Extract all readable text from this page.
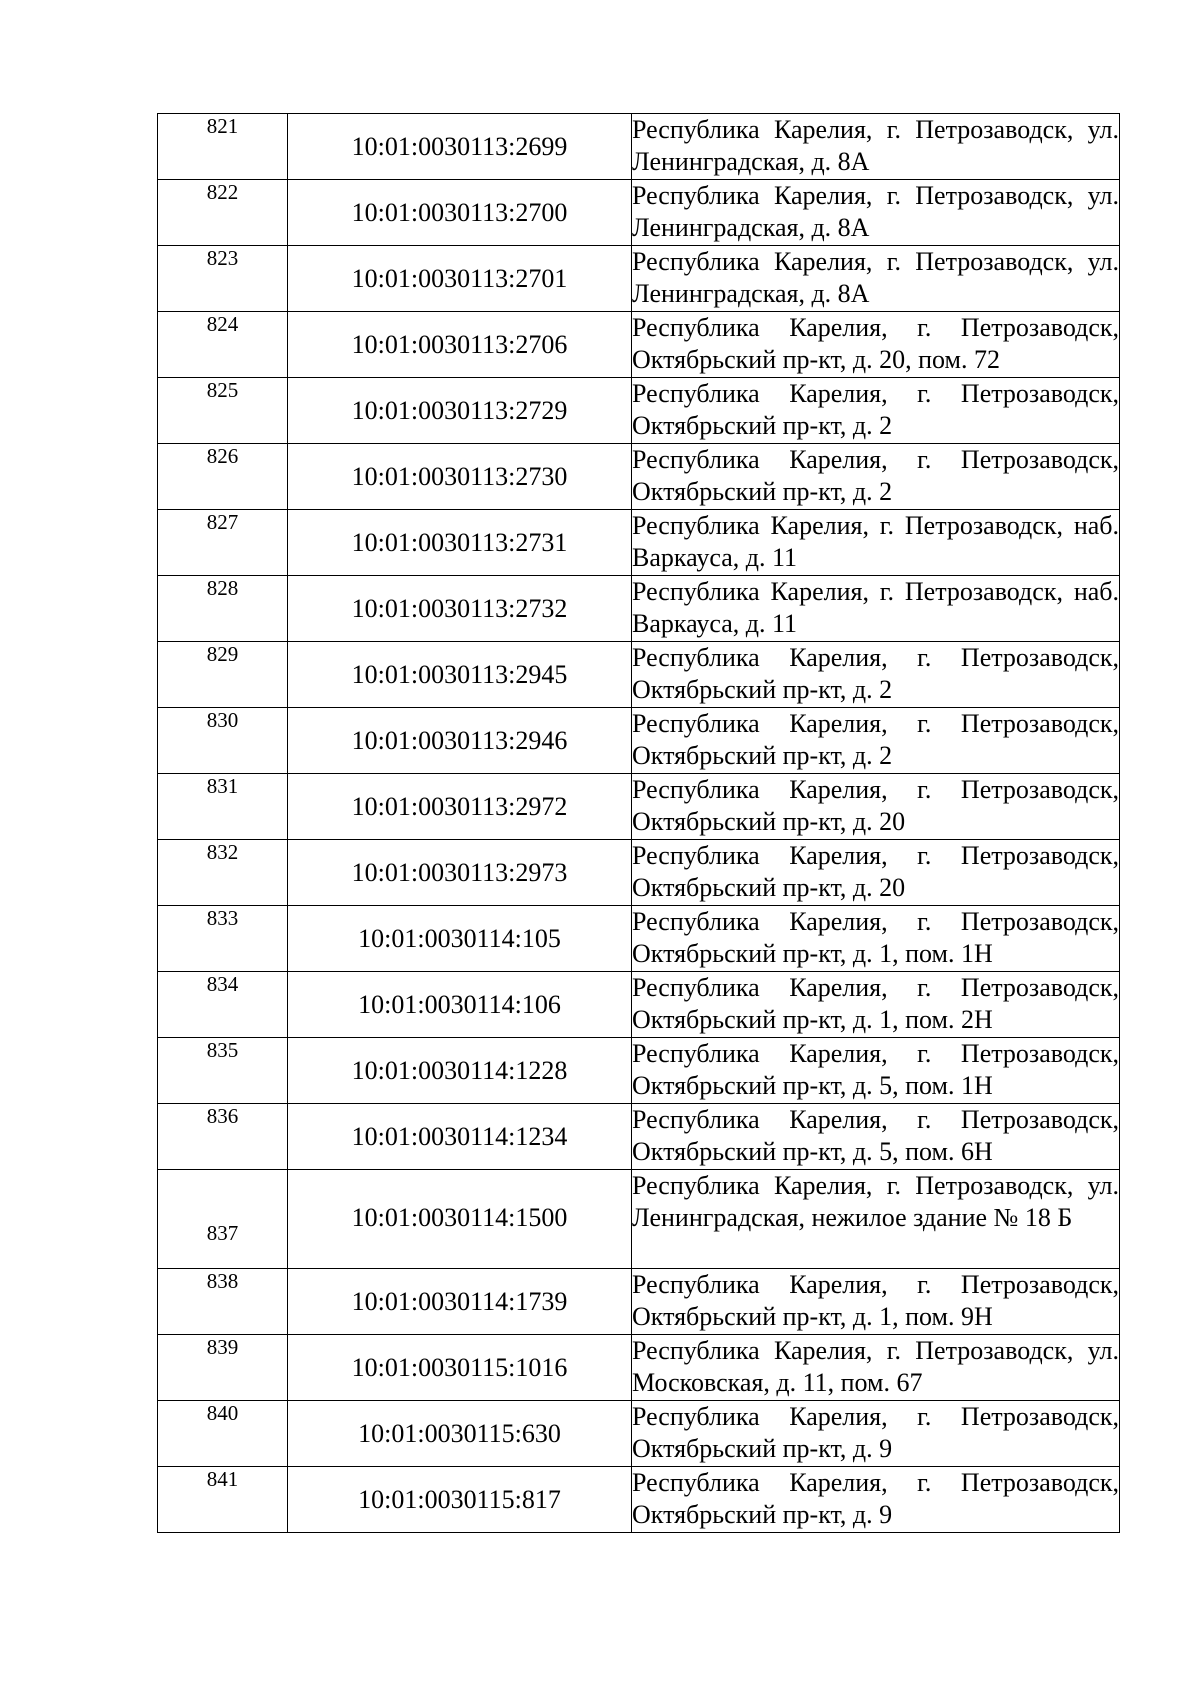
821	10:01:0030113:2699	Республика Карелия, г. Петрозаводск, ул. Ленинградская, д. 8А
822	10:01:0030113:2700	Республика Карелия, г. Петрозаводск, ул. Ленинградская, д. 8А
823	10:01:0030113:2701	Республика Карелия, г. Петрозаводск, ул. Ленинградская, д. 8А
824	10:01:0030113:2706	Республика Карелия, г. Петрозаводск, Октябрьский пр-кт, д. 20, пом. 72
825	10:01:0030113:2729	Республика Карелия, г. Петрозаводск, Октябрьский пр-кт, д. 2
826	10:01:0030113:2730	Республика Карелия, г. Петрозаводск, Октябрьский пр-кт, д. 2
827	10:01:0030113:2731	Республика Карелия, г. Петрозаводск, наб. Варкауса, д. 11
828	10:01:0030113:2732	Республика Карелия, г. Петрозаводск, наб. Варкауса, д. 11
829	10:01:0030113:2945	Республика Карелия, г. Петрозаводск, Октябрьский пр-кт, д. 2
830	10:01:0030113:2946	Республика Карелия, г. Петрозаводск, Октябрьский пр-кт, д. 2
831	10:01:0030113:2972	Республика Карелия, г. Петрозаводск, Октябрьский пр-кт, д. 20
832	10:01:0030113:2973	Республика Карелия, г. Петрозаводск, Октябрьский пр-кт, д. 20
833	10:01:0030114:105	Республика Карелия, г. Петрозаводск, Октябрьский пр-кт, д. 1, пом. 1Н
834	10:01:0030114:106	Республика Карелия, г. Петрозаводск, Октябрьский пр-кт, д. 1, пом. 2Н
835	10:01:0030114:1228	Республика Карелия, г. Петрозаводск, Октябрьский пр-кт, д. 5, пом. 1Н
836	10:01:0030114:1234	Республика Карелия, г. Петрозаводск, Октябрьский пр-кт, д. 5, пом. 6Н
837	10:01:0030114:1500	Республика Карелия, г. Петрозаводск, ул. Ленинградская, нежилое здание № 18 Б
838	10:01:0030114:1739	Республика Карелия, г. Петрозаводск, Октябрьский пр-кт, д. 1, пом. 9Н
839	10:01:0030115:1016	Республика Карелия, г. Петрозаводск, ул. Московская, д. 11, пом. 67
840	10:01:0030115:630	Республика Карелия, г. Петрозаводск, Октябрьский пр-кт, д. 9
841	10:01:0030115:817	Республика Карелия, г. Петрозаводск, Октябрьский пр-кт, д. 9
